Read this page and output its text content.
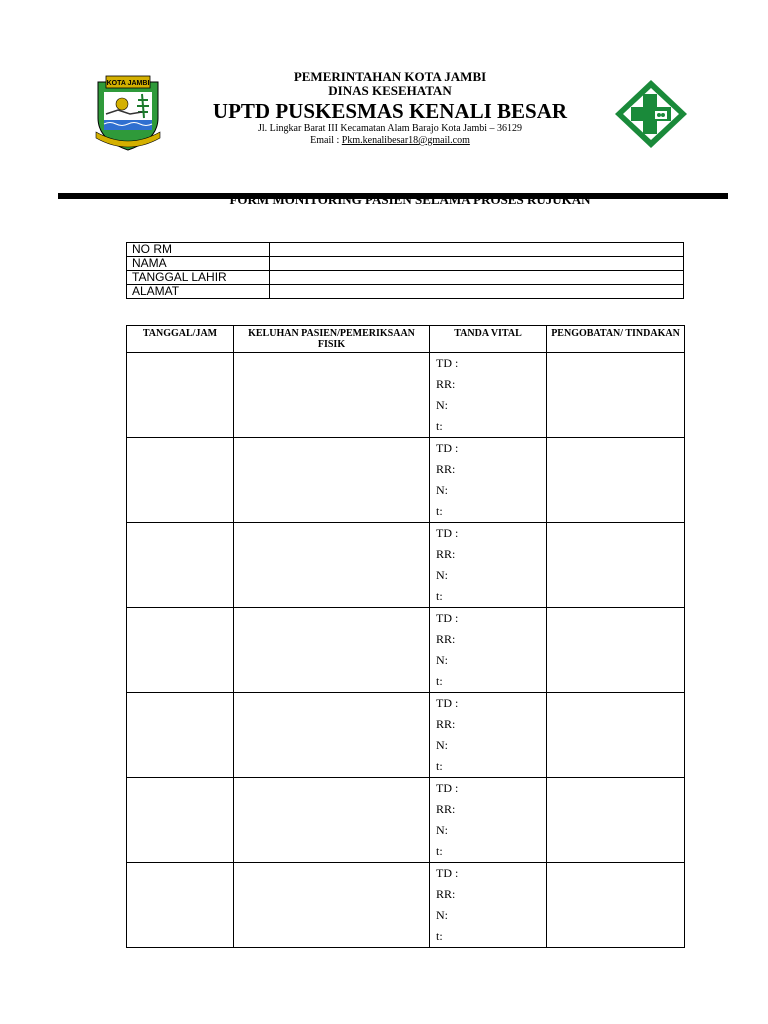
KOTA JAMBI	PEMERINTAHAN KOTA JAMBI
DINAS KESEHATAN
UPTD PUSKESMAS KENALI BESAR
Jl. Lingkar Barat III Kecamatan Alam Barajo Kota Jambi – 36129
Email : Pkm.kenalibesar18@gmail.com
FORM MONITORING PASIEN SELAMA PROSES RUJUKAN
NO RM	
NAMA	
TANGGAL LAHIR	
ALAMAT	
TANGGAL/JAM	KELUHAN PASIEN/PEMERIKSAAN FISIK	TANDA VITAL	PENGOBATAN/ TINDAKAN

		TD :
RR:
N:
t:	

		TD :
RR:
N:
t:	

		TD :
RR:
N:
t:	

		TD :
RR:
N:
t:	

		TD :
RR:
N:
t:	

		TD :
RR:
N:
t:	

		TD :
RR:
N:
t:	
